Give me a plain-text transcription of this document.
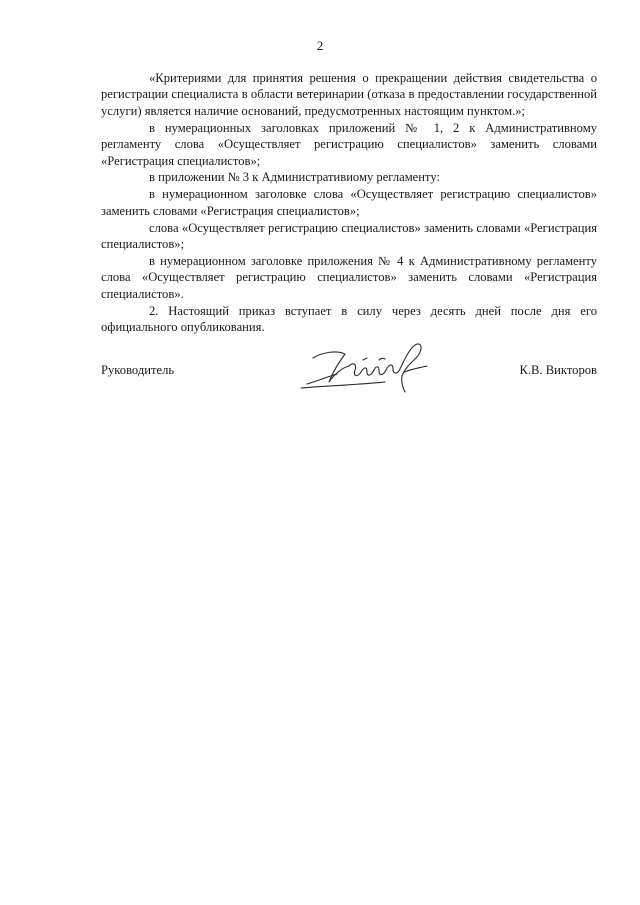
2

«Критериями для принятия решения о прекращении действия свидетельства о регистрации специалиста в области ветеринарии (отказа в предоставлении государственной услуги) является наличие оснований, предусмотренных настоящим пунктом.»;

в нумерационных заголовках приложений № 1, 2 к Административному регламенту слова «Осуществляет регистрацию специалистов» заменить словами «Регистрация специалистов»;

в приложении № 3 к Административиому регламенту:

в нумерационном заголовке слова «Осуществляет регистрацию специалистов» заменить словами «Регистрация специалистов»;

слова «Осуществляет регистрацию специалистов» заменить словами «Регистрация специалистов»;

в нумерационном заголовке приложения № 4 к Административному регламенту слова «Осуществляет регистрацию специалистов» заменить словами «Регистрация специалистов».

2. Настоящий приказ вступает в силу через десять дней после дня его официального опубликования.

Руководитель	К.В. Викторов
